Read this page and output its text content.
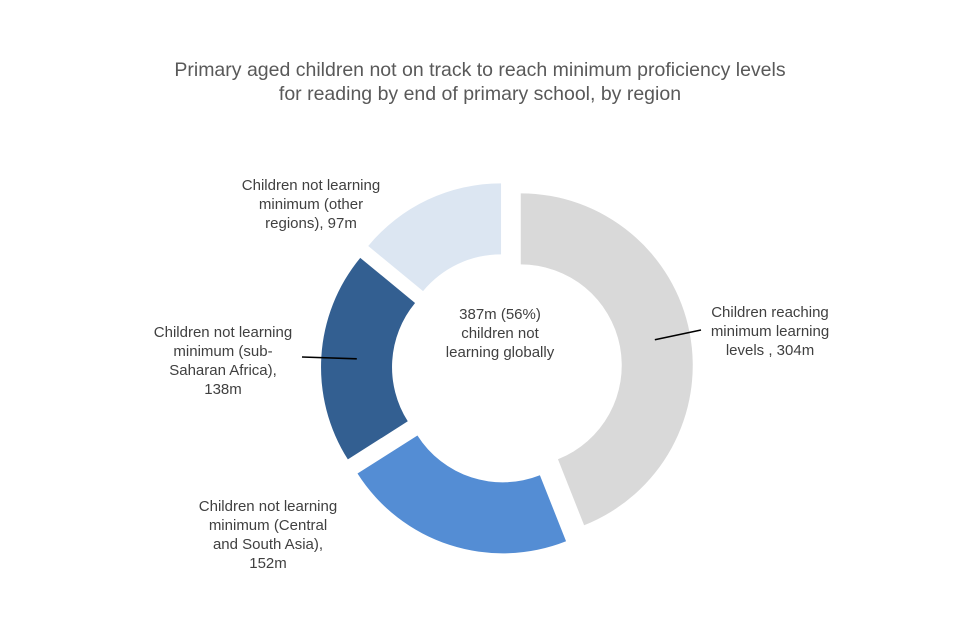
Primary aged children not on track to reach minimum proficiency levels
for reading by end of primary school, by region
387m (56%)
children not
learning globally
Children reaching
minimum learning
levels , 304m
Children not learning
minimum (Central
and South Asia),
152m
Children not learning
minimum (sub-
Saharan Africa),
138m
Children not learning
minimum (other
regions), 97m
